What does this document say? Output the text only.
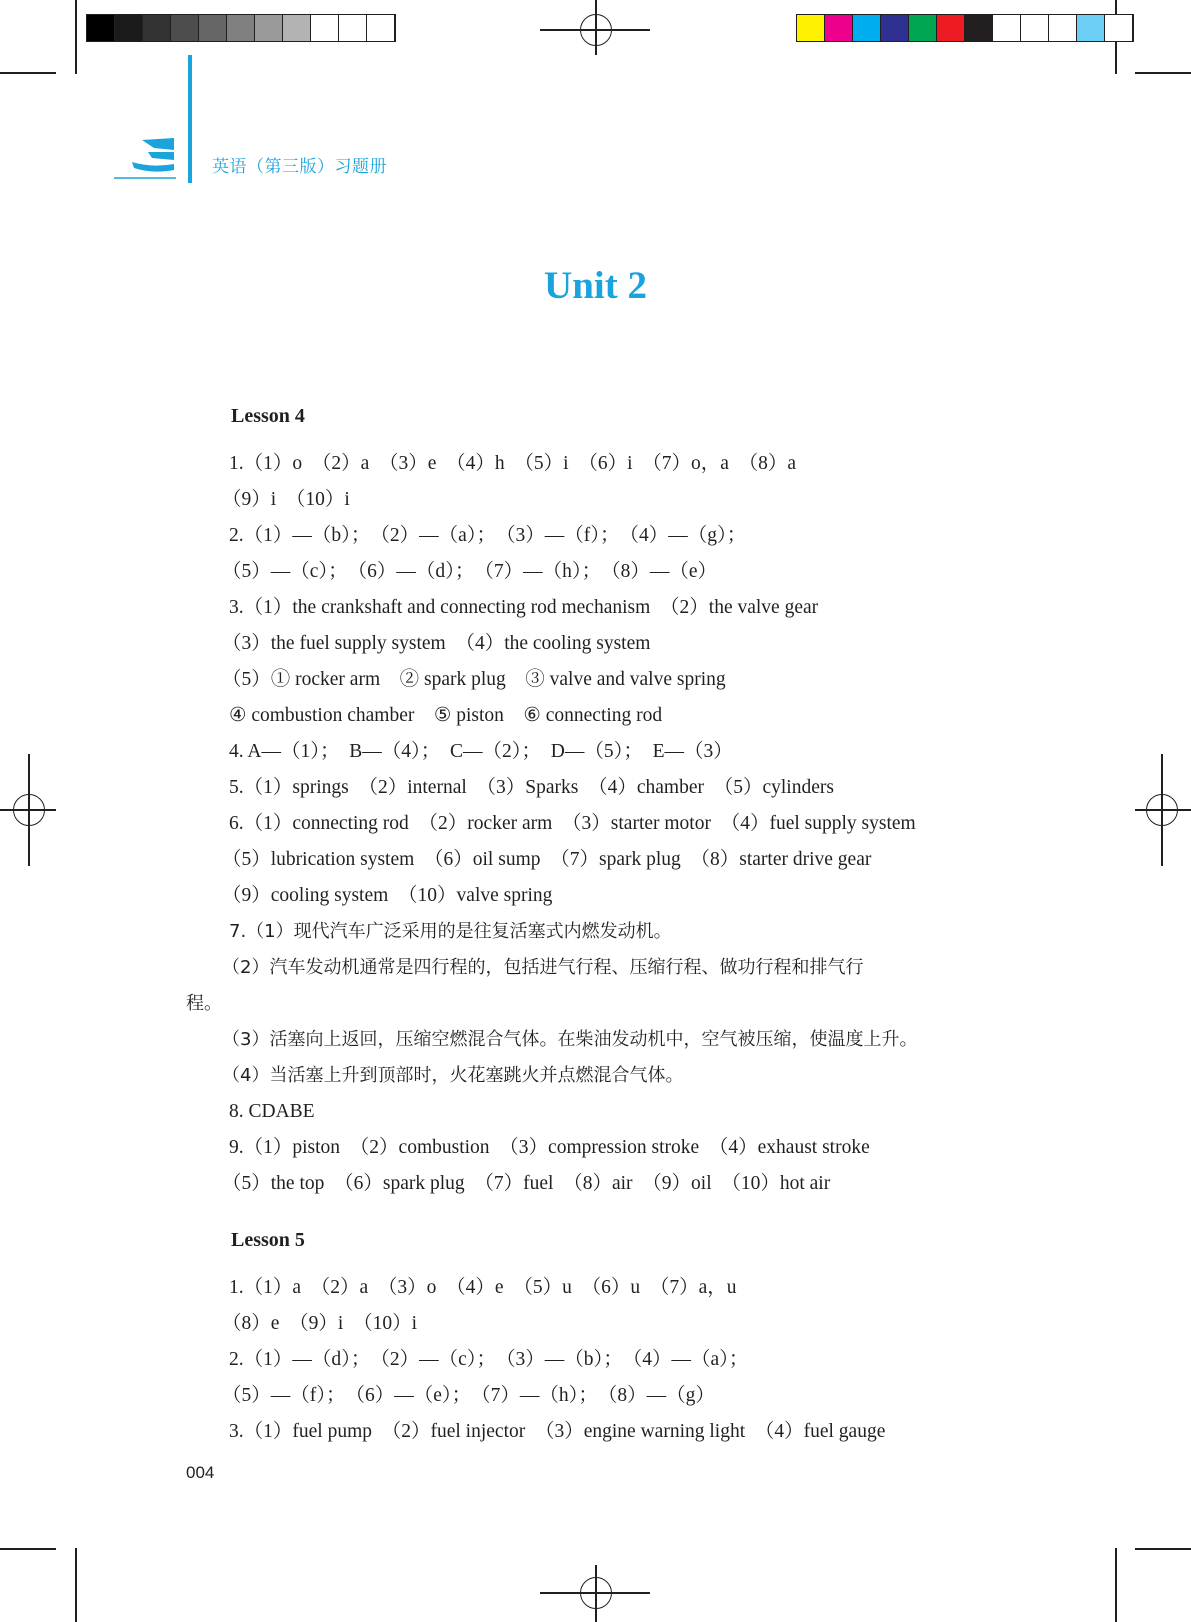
英语（第三版）习题册
Unit 2
Lesson 4
1.（1）o　（2）a　（3）e　（4）h　（5）i　（6）i　（7）o，a　（8）a
（9）i　（10）i
2.（1）—（b）；　（2）—（a）；　（3）—（f）；　（4）—（g）；
（5）—（c）；　（6）—（d）；　（7）—（h）；　（8）—（e）
3.（1）the crankshaft and connecting rod mechanism　（2）the valve gear
（3）the fuel supply system　（4）the cooling system
（5）① rocker arm　② spark plug　③ valve and valve spring
④ combustion chamber　⑤ piston　⑥ connecting rod
4. A—（1）；　B—（4）；　C—（2）；　D—（5）；　E—（3）
5.（1）springs　（2）internal　（3）Sparks　（4）chamber　（5）cylinders
6.（1）connecting rod　（2）rocker arm　（3）starter motor　（4）fuel supply system
（5）lubrication system　（6）oil sump　（7）spark plug　（8）starter drive gear
（9）cooling system　（10）valve spring
7.（1）现代汽车广泛采用的是往复活塞式内燃发动机。
（2）汽车发动机通常是四行程的，包括进气行程、压缩行程、做功行程和排气行
程。
（3）活塞向上返回，压缩空燃混合气体。在柴油发动机中，空气被压缩，使温度上升。
（4）当活塞上升到顶部时，火花塞跳火并点燃混合气体。
8. CDABE
9.（1）piston　（2）combustion　（3）compression stroke　（4）exhaust stroke
（5）the top　（6）spark plug　（7）fuel　（8）air　（9）oil　（10）hot air
Lesson 5
1.（1）a　（2）a　（3）o　（4）e　（5）u　（6）u　（7）a，u
（8）e　（9）i　（10）i
2.（1）—（d）；　（2）—（c）；　（3）—（b）；　（4）—（a）；
（5）—（f）；　（6）—（e）；　（7）—（h）；　（8）—（g）
3.（1）fuel pump　（2）fuel injector　（3）engine warning light　（4）fuel gauge
004
